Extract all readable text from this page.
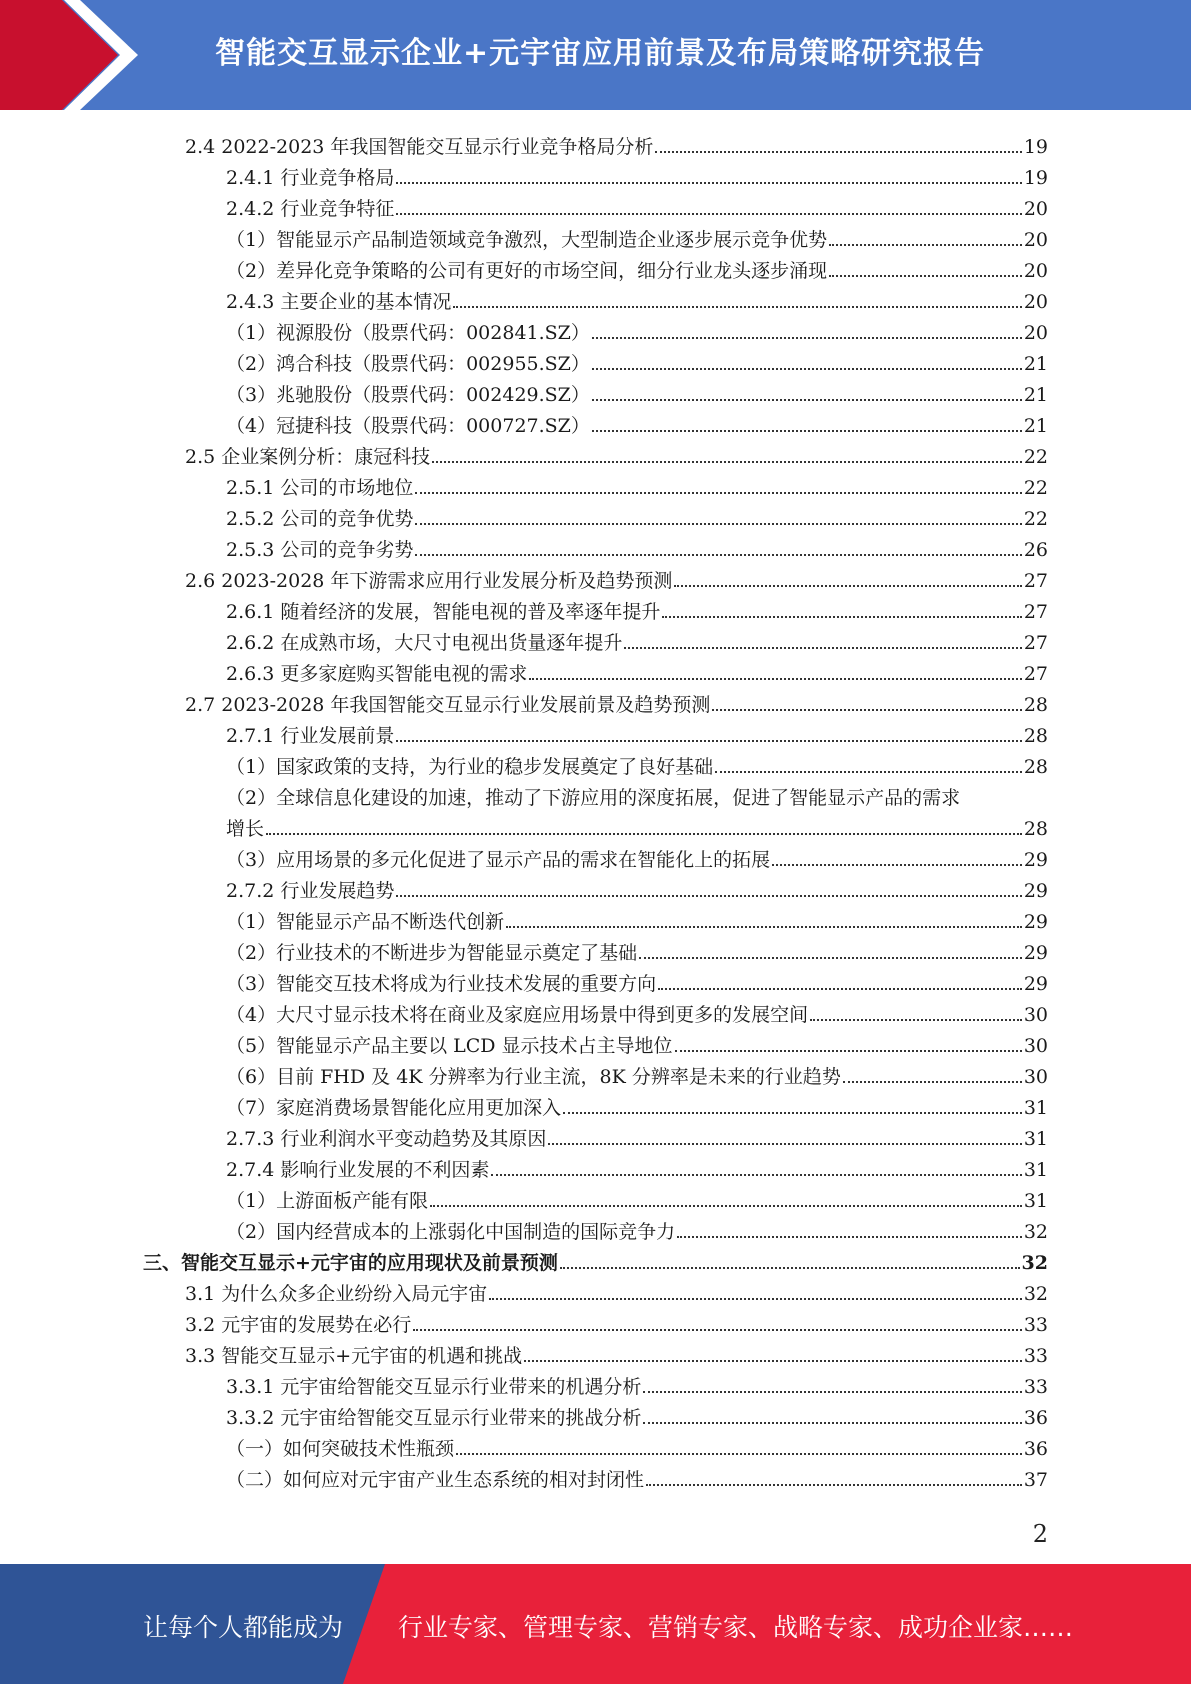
智能交互显示企业+元宇宙应用前景及布局策略研究报告
2.4 2022-2023 年我国智能交互显示行业竞争格局分析	19
2.4.1 行业竞争格局	19
2.4.2 行业竞争特征	20
（1）智能显示产品制造领域竞争激烈，大型制造企业逐步展示竞争优势	20
（2）差异化竞争策略的公司有更好的市场空间，细分行业龙头逐步涌现	20
2.4.3 主要企业的基本情况	20
（1）视源股份（股票代码：002841.SZ）	20
（2）鸿合科技（股票代码：002955.SZ）	21
（3）兆驰股份（股票代码：002429.SZ）	21
（4）冠捷科技（股票代码：000727.SZ）	21
2.5 企业案例分析：康冠科技	22
2.5.1 公司的市场地位	22
2.5.2 公司的竞争优势	22
2.5.3 公司的竞争劣势	26
2.6 2023-2028 年下游需求应用行业发展分析及趋势预测	27
2.6.1 随着经济的发展，智能电视的普及率逐年提升	27
2.6.2 在成熟市场，大尺寸电视出货量逐年提升	27
2.6.3 更多家庭购买智能电视的需求	27
2.7 2023-2028 年我国智能交互显示行业发展前景及趋势预测	28
2.7.1 行业发展前景	28
（1）国家政策的支持，为行业的稳步发展奠定了良好基础	28
（2）全球信息化建设的加速，推动了下游应用的深度拓展，促进了智能显示产品的需求
增长	28
（3）应用场景的多元化促进了显示产品的需求在智能化上的拓展	29
2.7.2 行业发展趋势	29
（1）智能显示产品不断迭代创新	29
（2）行业技术的不断进步为智能显示奠定了基础	29
（3）智能交互技术将成为行业技术发展的重要方向	29
（4）大尺寸显示技术将在商业及家庭应用场景中得到更多的发展空间	30
（5）智能显示产品主要以 LCD 显示技术占主导地位	30
（6）目前 FHD 及 4K 分辨率为行业主流，8K 分辨率是未来的行业趋势	30
（7）家庭消费场景智能化应用更加深入	31
2.7.3 行业利润水平变动趋势及其原因	31
2.7.4 影响行业发展的不利因素	31
（1）上游面板产能有限	31
（2）国内经营成本的上涨弱化中国制造的国际竞争力	32
三、智能交互显示+元宇宙的应用现状及前景预测	32
3.1 为什么众多企业纷纷入局元宇宙	32
3.2 元宇宙的发展势在必行	33
3.3 智能交互显示+元宇宙的机遇和挑战	33
3.3.1 元宇宙给智能交互显示行业带来的机遇分析	33
3.3.2 元宇宙给智能交互显示行业带来的挑战分析	36
（一）如何突破技术性瓶颈	36
（二）如何应对元宇宙产业生态系统的相对封闭性	37
2
让每个人都能成为 行业专家、管理专家、营销专家、战略专家、成功企业家……
